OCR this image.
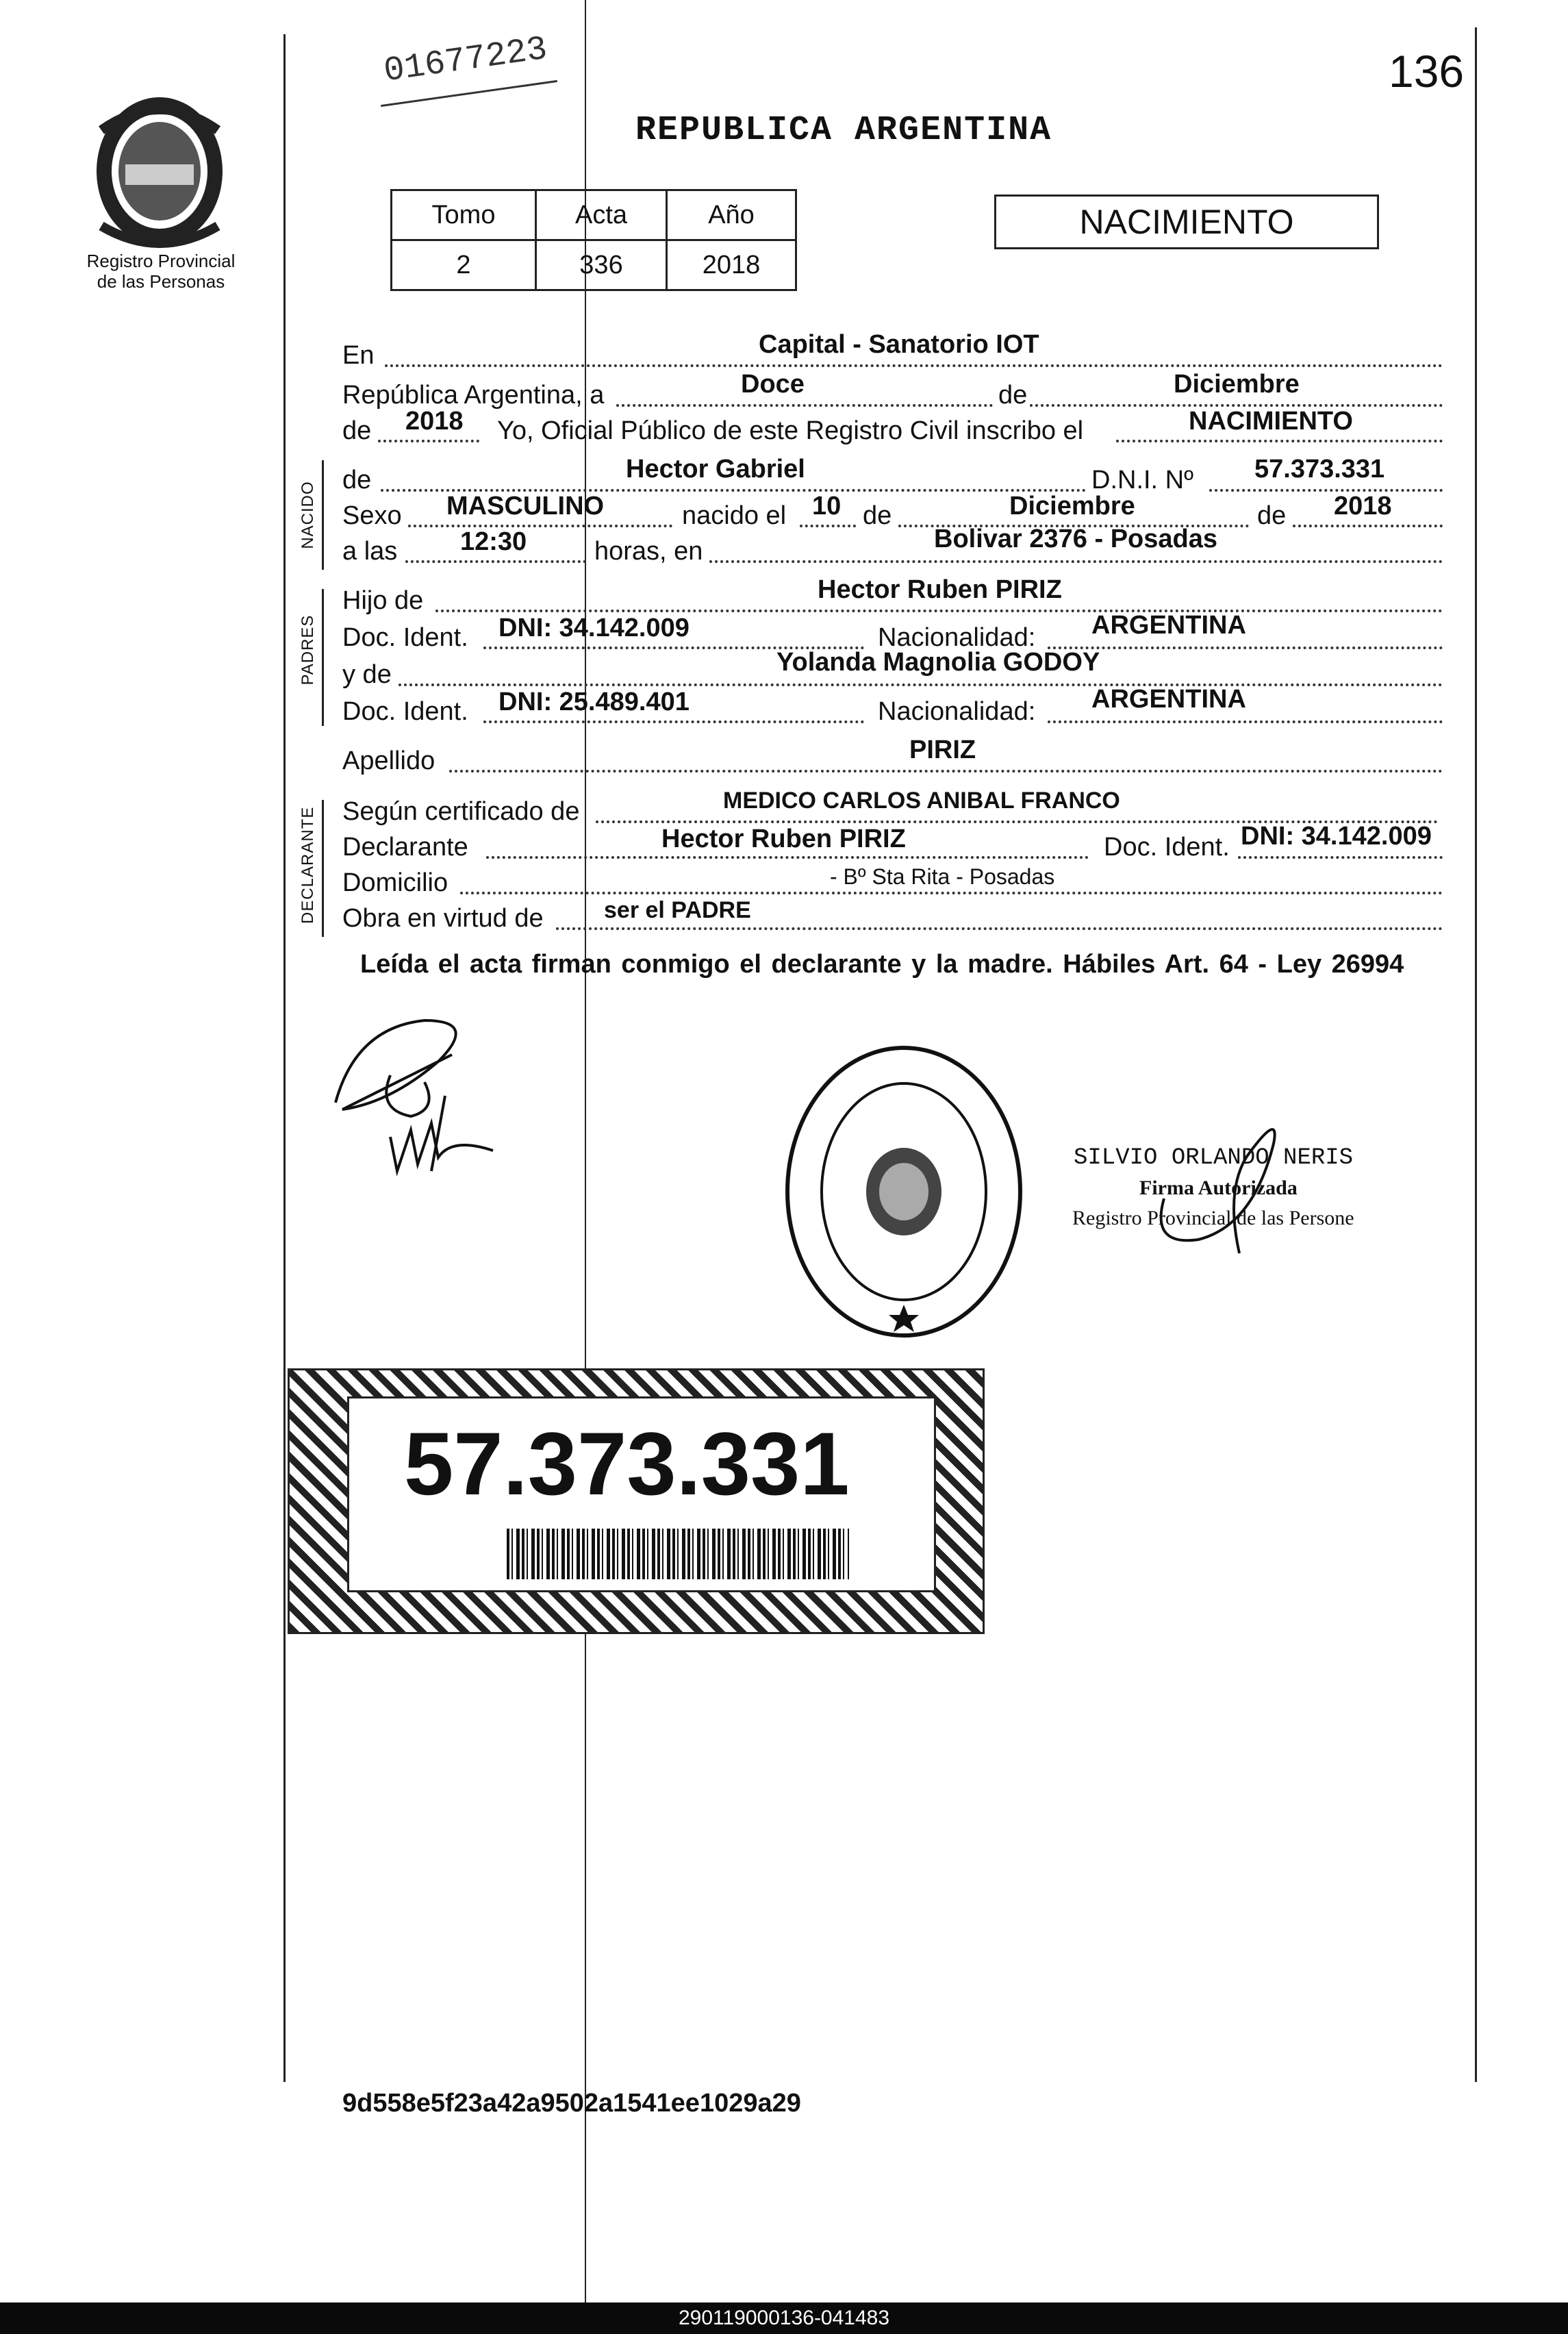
01677223	136
Registro Provincial
de las Personas
REPUBLICA ARGENTINA
Tomo	Acta	Año
2	336	2018
NACIMIENTO
NACIDO
PADRES
DECLARANTE
En	Capital - Sanatorio IOT
República Argentina, a	Doce	de	Diciembre
de 2018 Yo, Oficial Público de este Registro Civil inscribo el	NACIMIENTO
de	Hector Gabriel	D.N.I. Nº 57.373.331
Sexo MASCULINO	nacido el 10 de	Diciembre	de 2018
a las 12:30	horas, en	Bolivar 2376 - Posadas
Hijo de	Hector Ruben PIRIZ
Doc. Ident. DNI: 34.142.009	Nacionalidad: ARGENTINA
y de	Yolanda Magnolia GODOY
Doc. Ident. DNI: 25.489.401	Nacionalidad: ARGENTINA
Apellido	PIRIZ
Según certificado de	MEDICO CARLOS ANIBAL FRANCO
Declarante	Hector Ruben PIRIZ	Doc. Ident. DNI: 34.142.009
Domicilio	- Bº Sta Rita - Posadas
Obra en virtud de	ser el PADRE
Leída el acta firman conmigo el declarante y la madre. Hábiles Art. 64 - Ley 26994
SILVIO ORLANDO NERIS
Firma Autorizada
Registro Provincial de las Persone
57.373.331
9d558e5f23a42a9502a1541ee1029a29
290119000136-041483
